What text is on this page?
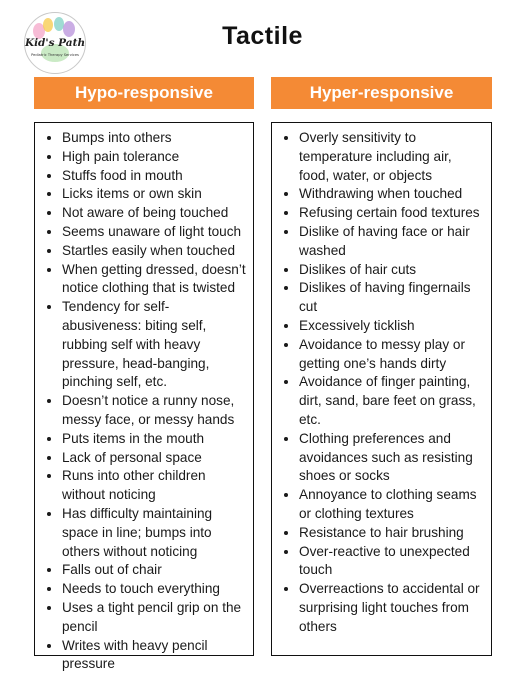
Kid's Path
Pediatric Therapy Services
Tactile
Hypo-responsive	Hyper-responsive
• Bumps into others
• High pain tolerance
• Stuffs food in mouth
• Licks items or own skin
• Not aware of being touched
• Seems unaware of light touch
• Startles easily when touched
• When getting dressed, doesn’t notice clothing that is twisted
• Tendency for self-abusiveness: biting self, rubbing self with heavy pressure, head-banging, pinching self, etc.
• Doesn’t notice a runny nose, messy face, or messy hands
• Puts items in the mouth
• Lack of personal space
• Runs into other children without noticing
• Has difficulty maintaining space in line; bumps into others without noticing
• Falls out of chair
• Needs to touch everything
• Uses a tight pencil grip on the pencil
• Writes with heavy pencil pressure
• Overly sensitivity to temperature including air, food, water, or objects
• Withdrawing when touched
• Refusing certain food textures
• Dislike of having face or hair washed
• Dislikes of hair cuts
• Dislikes of having fingernails cut
• Excessively ticklish
• Avoidance to messy play or getting one’s hands dirty
• Avoidance of finger painting, dirt, sand, bare feet on grass, etc.
• Clothing preferences and avoidances such as resisting shoes or socks
• Annoyance to clothing seams or clothing textures
• Resistance to hair brushing
• Over-reactive to unexpected touch
• Overreactions to accidental or surprising light touches from others
